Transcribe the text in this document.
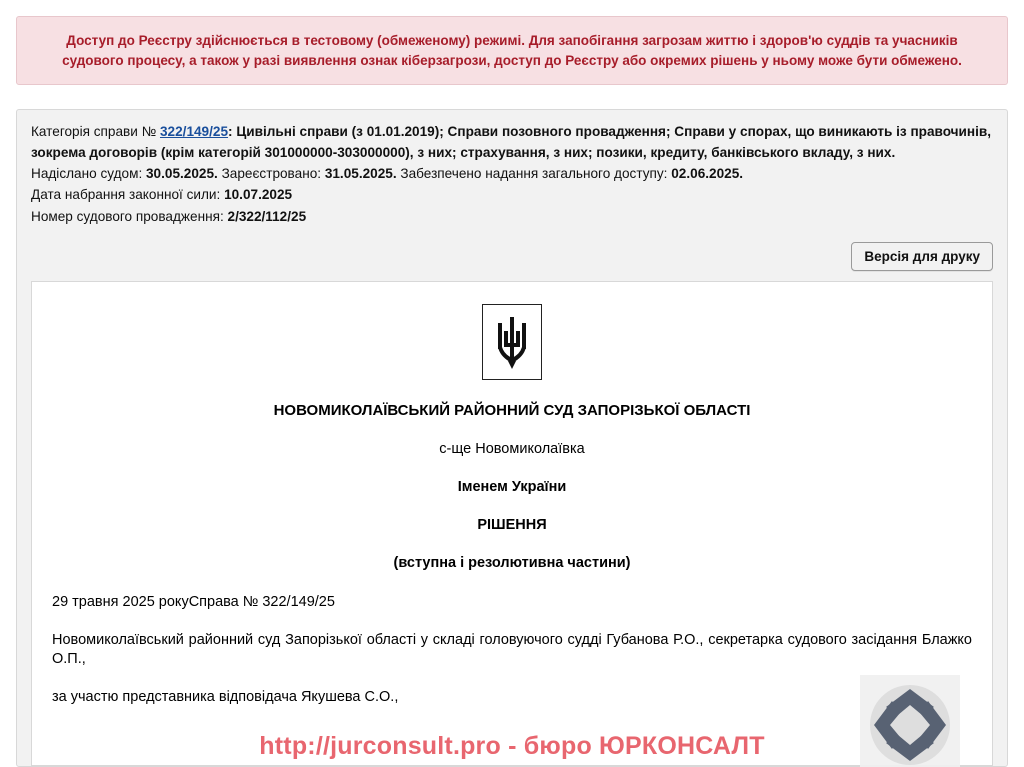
Доступ до Реєстру здійснюється в тестовому (обмеженому) режимі. Для запобігання загрозам життю і здоров'ю суддів та учасників судового процесу, а також у разі виявлення ознак кіберзагрози, доступ до Реєстру або окремих рішень у ньому може бути обмежено.

Категорія справи № 322/149/25: Цивільні справи (з 01.01.2019); Справи позовного провадження; Справи у спорах, що виникають із правочинів, зокрема договорів (крім категорій 301000000-303000000), з них; страхування, з них; позики, кредиту, банківського вкладу, з них.
Надіслано судом: 30.05.2025. Зареєстровано: 31.05.2025. Забезпечено надання загального доступу: 02.06.2025.
Дата набрання законної сили: 10.07.2025
Номер судового провадження: 2/322/112/25
Версія для друку
НОВОМИКОЛАЇВСЬКИЙ РАЙОННИЙ СУД ЗАПОРІЗЬКОЇ ОБЛАСТІ
с-ще Новомиколаївка
Іменем України
РІШЕННЯ
(вступна і резолютивна частини)

29 травня 2025 рокуСправа № 322/149/25

Новомиколаївський районний суд Запорізької області у складі головуючого судді Губанова Р.О., секретарка судового засідання Блажко О.П.,

за участю представника відповідача Якушева С.О.,

http://jurconsult.pro - бюро ЮРКОНСАЛТ
